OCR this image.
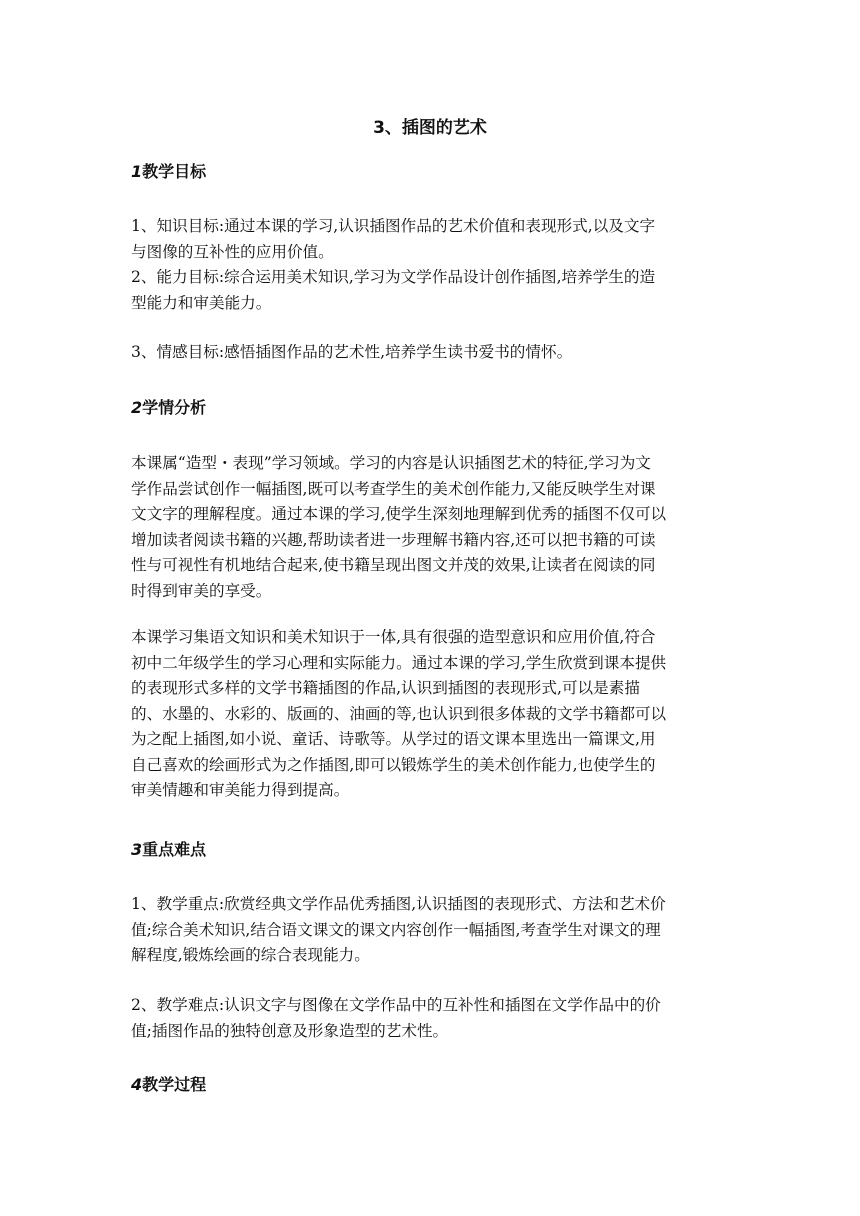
3、插图的艺术
1教学目标
1、知识目标:通过本课的学习,认识插图作品的艺术价值和表现形式,以及文字
与图像的互补性的应用价值。
2、能力目标:综合运用美术知识,学习为文学作品设计创作插图,培养学生的造
型能力和审美能力。
3、情感目标:感悟插图作品的艺术性,培养学生读书爱书的情怀。
2学情分析
本课属“造型・表现”学习领域。学习的内容是认识插图艺术的特征,学习为文
学作品尝试创作一幅插图,既可以考查学生的美术创作能力,又能反映学生对课
文文字的理解程度。通过本课的学习,使学生深刻地理解到优秀的插图不仅可以
增加读者阅读书籍的兴趣,帮助读者进一步理解书籍内容,还可以把书籍的可读
性与可视性有机地结合起来,使书籍呈现出图文并茂的效果,让读者在阅读的同
时得到审美的享受。
本课学习集语文知识和美术知识于一体,具有很强的造型意识和应用价值,符合
初中二年级学生的学习心理和实际能力。通过本课的学习,学生欣赏到课本提供
的表现形式多样的文学书籍插图的作品,认识到插图的表现形式,可以是素描
的、水墨的、水彩的、版画的、油画的等,也认识到很多体裁的文学书籍都可以
为之配上插图,如小说、童话、诗歌等。从学过的语文课本里选出一篇课文,用
自己喜欢的绘画形式为之作插图,即可以锻炼学生的美术创作能力,也使学生的
审美情趣和审美能力得到提高。
3重点难点
1、教学重点:欣赏经典文学作品优秀插图,认识插图的表现形式、方法和艺术价
值;综合美术知识,结合语文课文的课文内容创作一幅插图,考查学生对课文的理
解程度,锻炼绘画的综合表现能力。
2、教学难点:认识文字与图像在文学作品中的互补性和插图在文学作品中的价
值;插图作品的独特创意及形象造型的艺术性。
4教学过程
